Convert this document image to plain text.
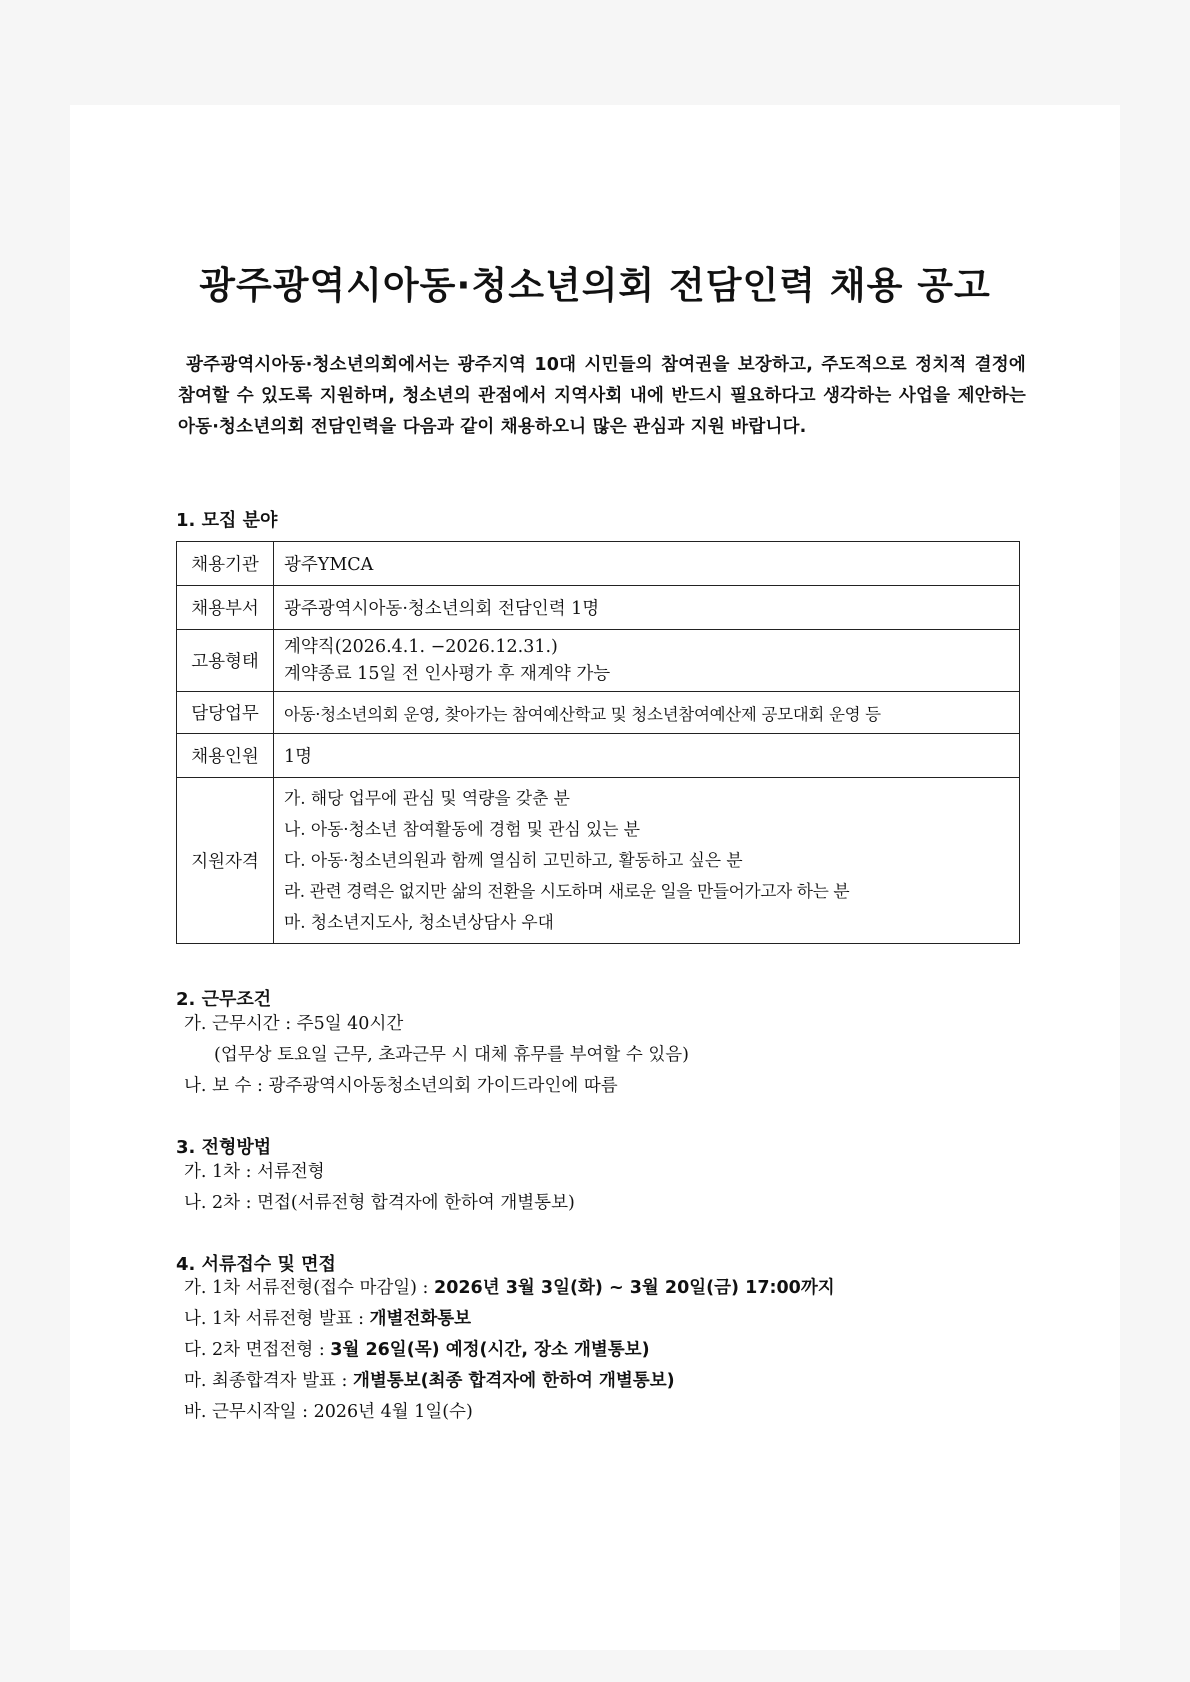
광주광역시아동·청소년의회 전담인력 채용 공고
광주광역시아동·청소년의회에서는 광주지역 10대 시민들의 참여권을 보장하고, 주도적으로 정치적 결정에 참여할 수 있도록 지원하며, 청소년의 관점에서 지역사회 내에 반드시 필요하다고 생각하는 사업을 제안하는 아동·청소년의회 전담인력을 다음과 같이 채용하오니 많은 관심과 지원 바랍니다.
1. 모집 분야
채용기관	광주YMCA
채용부서	광주광역시아동·청소년의회 전담인력 1명
고용형태	계약직(2026.4.1. −2026.12.31.)
계약종료 15일 전 인사평가 후 재계약 가능

담당업무	아동·청소년의회 운영, 찾아가는 참여예산학교 및 청소년참여예산제 공모대회 운영 등
채용인원	1명
지원자격	가. 해당 업무에 관심 및 역량을 갖춘 분
나. 아동·청소년 참여활동에 경험 및 관심 있는 분
다. 아동·청소년의원과 함께 열심히 고민하고, 활동하고 싶은 분
라. 관련 경력은 없지만 삶의 전환을 시도하며 새로운 일을 만들어가고자 하는 분
마. 청소년지도사, 청소년상담사 우대
2. 근무조건
가. 근무시간 : 주5일 40시간
(업무상 토요일 근무, 초과근무 시 대체 휴무를 부여할 수 있음)
나. 보 수 : 광주광역시아동청소년의회 가이드라인에 따름
3. 전형방법
가. 1차 : 서류전형
나. 2차 : 면접(서류전형 합격자에 한하여 개별통보)
4. 서류접수 및 면접
가. 1차 서류전형(접수 마감일) : 2026년 3월 3일(화) ~ 3월 20일(금) 17:00까지
나. 1차 서류전형 발표 : 개별전화통보
다. 2차 면접전형 : 3월 26일(목) 예정(시간, 장소 개별통보)
마. 최종합격자 발표 : 개별통보(최종 합격자에 한하여 개별통보)
바. 근무시작일 : 2026년 4월 1일(수)
